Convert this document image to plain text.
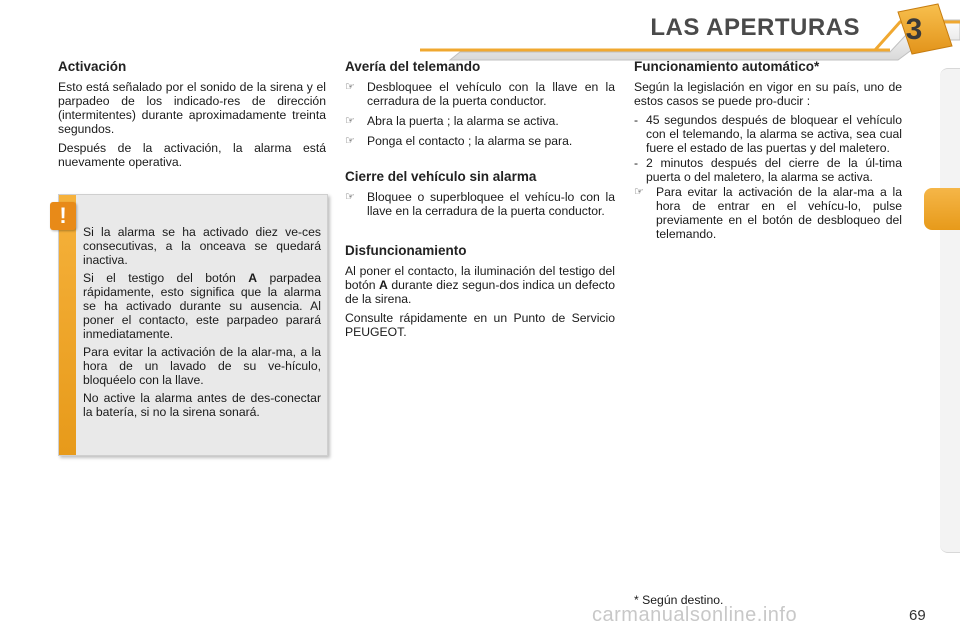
LAS APERTURAS	3
Activación

Esto está señalado por el sonido de la sirena y el parpadeo de los indicado-res de dirección (intermitentes) durante aproximadamente treinta segundos.

Después de la activación, la alarma está nuevamente operativa.

Si la alarma se ha activado diez ve-ces consecutivas, a la onceava se quedará inactiva.

Si el testigo del botón A parpadea rápidamente, esto significa que la alarma se ha activado durante su ausencia. Al poner el contacto, este parpadeo parará inmediatamente.

Para evitar la activación de la alar-ma, a la hora de un lavado de su ve-hículo, bloquéelo con la llave.

No active la alarma antes de des-conectar la batería, si no la sirena sonará.

!
Avería del telemando
☞ Desbloquee el vehículo con la llave en la cerradura de la puerta conductor.
☞ Abra la puerta ; la alarma se activa.
☞ Ponga el contacto ; la alarma se para.
Cierre del vehículo sin alarma
☞ Bloquee o superbloquee el vehícu-lo con la llave en la cerradura de la puerta conductor.
Disfuncionamiento

Al poner el contacto, la iluminación del testigo del botón A durante diez segun-dos indica un defecto de la sirena.

Consulte rápidamente en un Punto de Servicio PEUGEOT.

Funcionamiento automático*

Según la legislación en vigor en su país, uno de estos casos se puede pro-ducir :

- 45 segundos después de bloquear el vehículo con el telemando, la alarma se activa, sea cual fuere el estado de las puertas y del maletero.
- 2 minutos después del cierre de la úl-tima puerta o del maletero, la alarma se activa.
☞ Para evitar la activación de la alar-ma a la hora de entrar en el vehícu-lo, pulse previamente en el botón de desbloqueo del telemando.
* Según destino.
carmanualsonline.info	69
